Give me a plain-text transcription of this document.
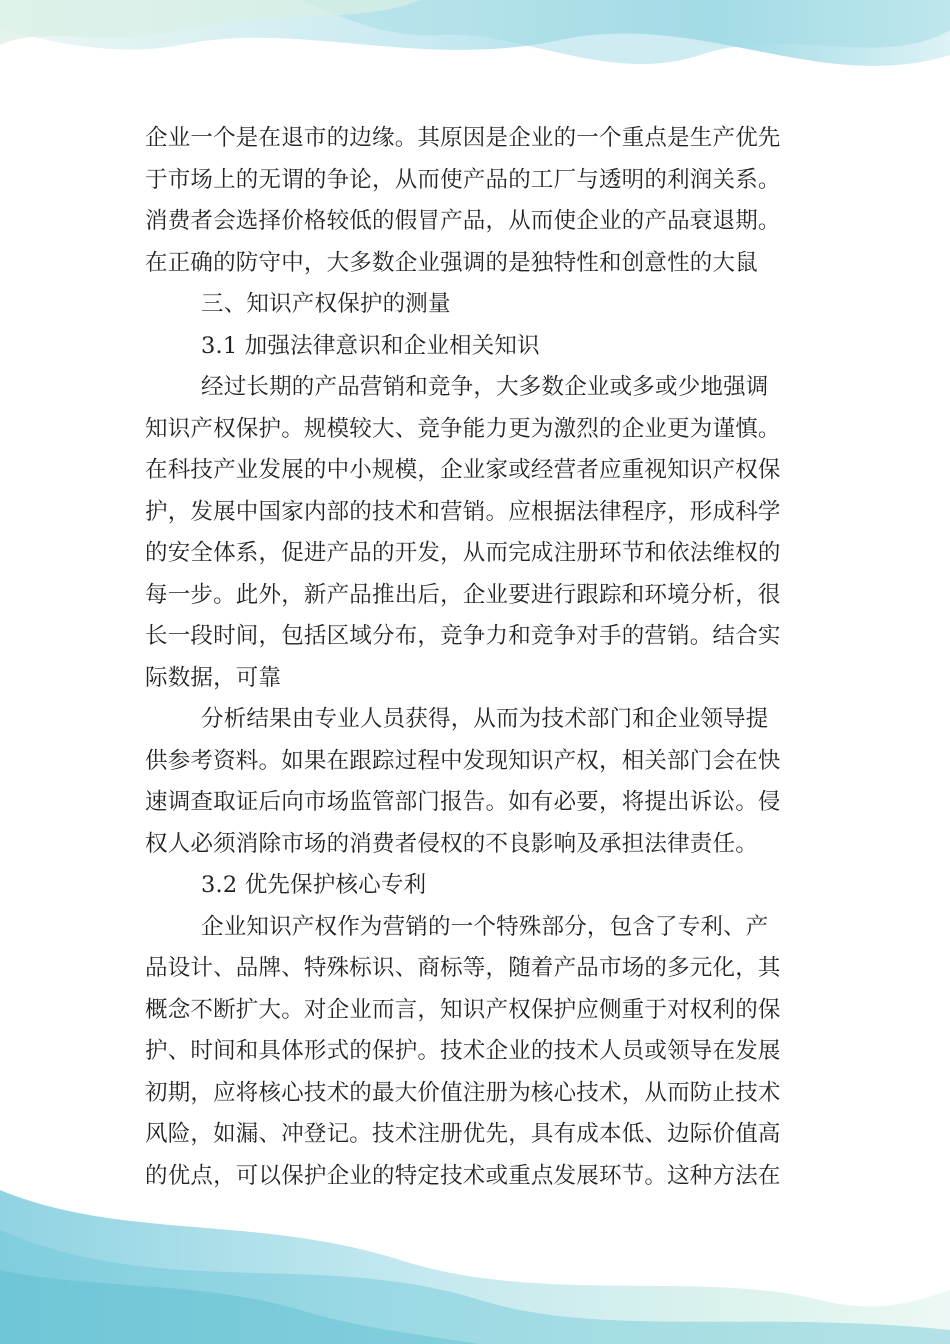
企业一个是在退市的边缘。其原因是企业的一个重点是生产优先
于市场上的无谓的争论，从而使产品的工厂与透明的利润关系。
消费者会选择价格较低的假冒产品，从而使企业的产品衰退期。
在正确的防守中，大多数企业强调的是独特性和创意性的大鼠
三、知识产权保护的测量
3.1 加强法律意识和企业相关知识
经过长期的产品营销和竞争，大多数企业或多或少地强调
知识产权保护。规模较大、竞争能力更为激烈的企业更为谨慎。
在科技产业发展的中小规模，企业家或经营者应重视知识产权保
护，发展中国家内部的技术和营销。应根据法律程序，形成科学
的安全体系，促进产品的开发，从而完成注册环节和依法维权的
每一步。此外，新产品推出后，企业要进行跟踪和环境分析，很
长一段时间，包括区域分布，竞争力和竞争对手的营销。结合实
际数据，可靠
分析结果由专业人员获得，从而为技术部门和企业领导提
供参考资料。如果在跟踪过程中发现知识产权，相关部门会在快
速调查取证后向市场监管部门报告。如有必要，将提出诉讼。侵
权人必须消除市场的消费者侵权的不良影响及承担法律责任。
3.2 优先保护核心专利
企业知识产权作为营销的一个特殊部分，包含了专利、产
品设计、品牌、特殊标识、商标等，随着产品市场的多元化，其
概念不断扩大。对企业而言，知识产权保护应侧重于对权利的保
护、时间和具体形式的保护。技术企业的技术人员或领导在发展
初期，应将核心技术的最大价值注册为核心技术，从而防止技术
风险，如漏、冲登记。技术注册优先，具有成本低、边际价值高
的优点，可以保护企业的特定技术或重点发展环节。这种方法在
